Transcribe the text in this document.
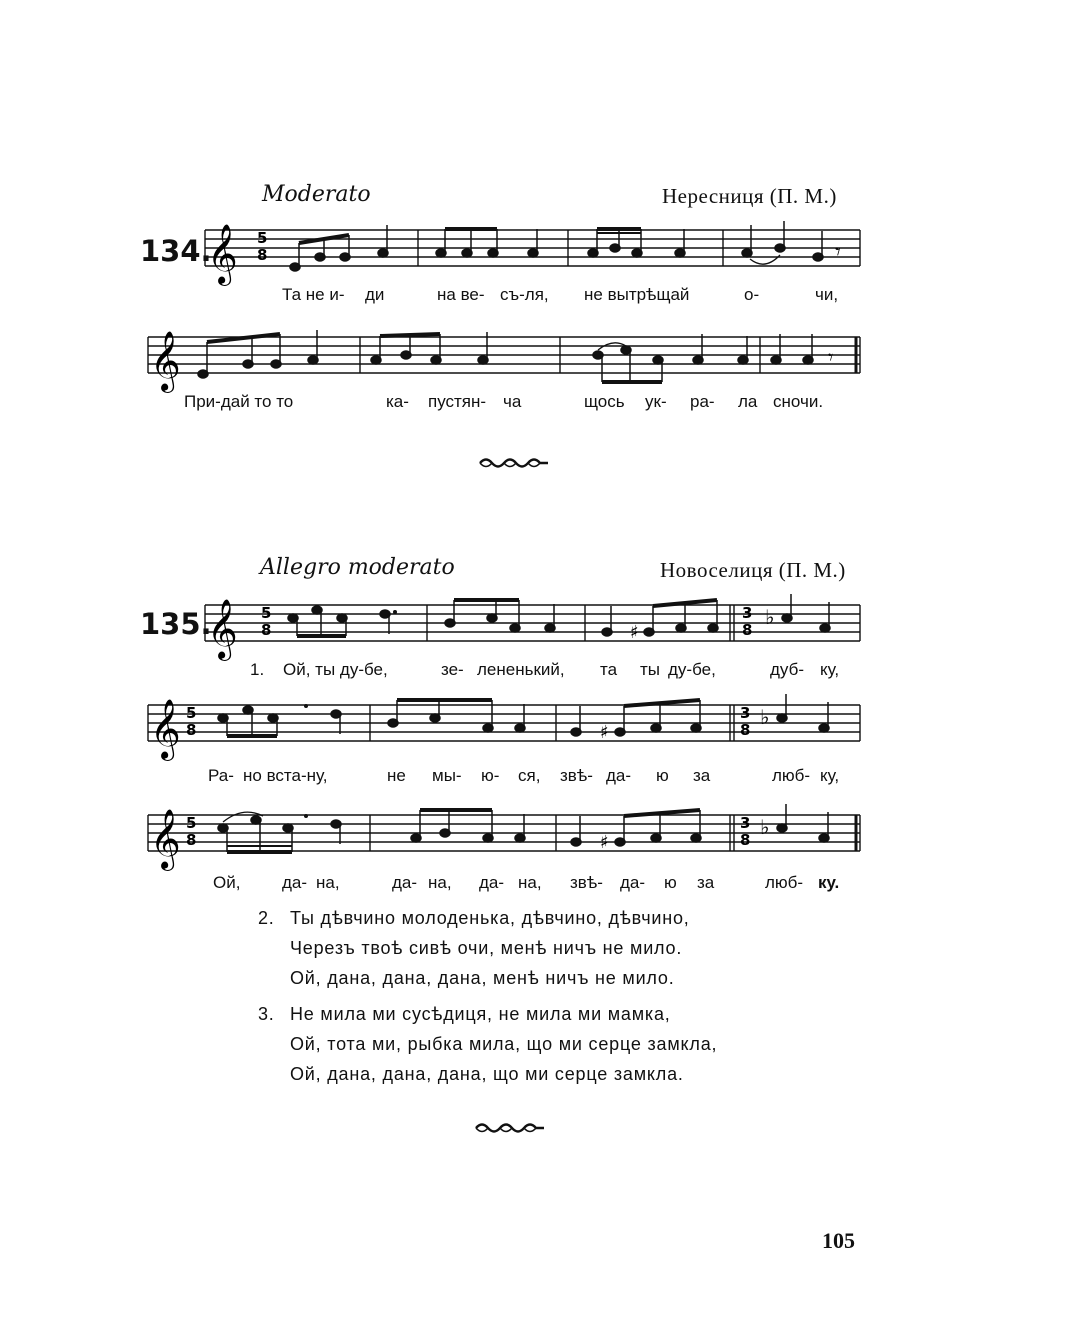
Moderato	Нересниця (П. М.)
134.
𝄞 5
8	𝄾
Та не и- ди	на ве- съ-ля, не вытрѣщай	о-	чи,
𝄞	𝄾
При-дай то то	ка- пустян- ча	щось ук- ра- ла сночи.
Allegro moderato	Новоселиця (П. М.)
135.
𝄞 5
8	♯
3
8
♭
1. Ой, ты ду-бе,	зе- лененький, та ты ду-бе,	дуб- ку,
𝄞 5
8	♯
3
8
♭
Ра- но вста-ну,	не мы- ю- ся, звѣ- да- ю за	люб- ку,
𝄞 5
8	♯
3
8
♭
Ой, да- на,	да- на, да- на, звѣ- да- ю за	люб- ку.
2. Ты дѣвчино молоденька, дѣвчино, дѣвчино,
Черезъ твоѣ сивѣ очи, менѣ ничъ не мило.
Ой, дана, дана, дана, менѣ ничъ не мило.
3. Не мила ми сусѣдиця, не мила ми мамка,
Ой, тота ми, рыбка мила, що ми серце замкла,
Ой, дана, дана, дана, що ми серце замкла.
105
